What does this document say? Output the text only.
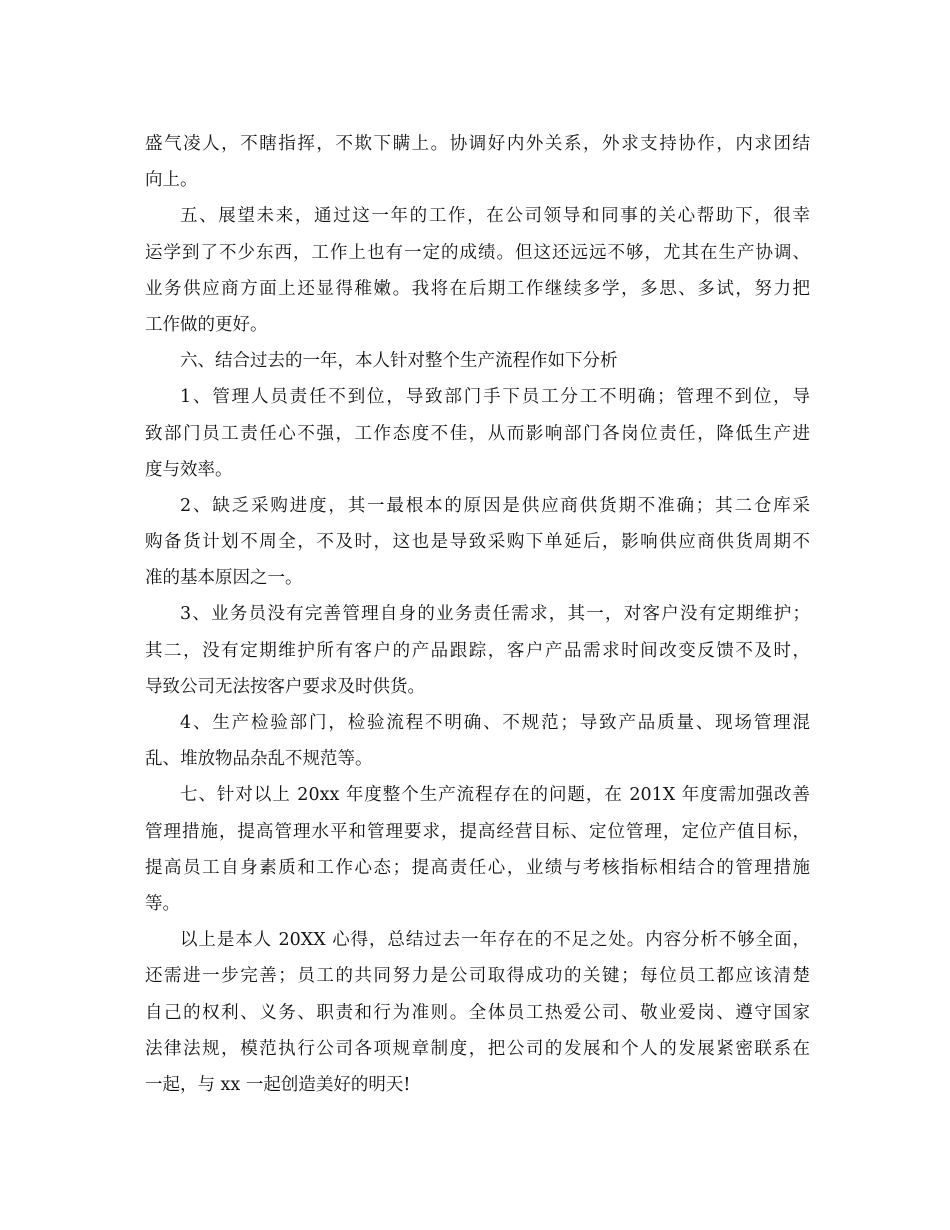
盛气凌人，不瞎指挥，不欺下瞒上。协调好内外关系，外求支持协作，内求团结
向上。

五、展望未来，通过这一年的工作，在公司领导和同事的关心帮助下，很幸
运学到了不少东西，工作上也有一定的成绩。但这还远远不够，尤其在生产协调、
业务供应商方面上还显得稚嫩。我将在后期工作继续多学，多思、多试，努力把
工作做的更好。

六、结合过去的一年，本人针对整个生产流程作如下分析

1、管理人员责任不到位，导致部门手下员工分工不明确；管理不到位，导
致部门员工责任心不强，工作态度不佳，从而影响部门各岗位责任，降低生产进
度与效率。

2、缺乏采购进度，其一最根本的原因是供应商供货期不准确；其二仓库采
购备货计划不周全，不及时，这也是导致采购下单延后，影响供应商供货周期不
准的基本原因之一。

3、业务员没有完善管理自身的业务责任需求，其一，对客户没有定期维护；
其二，没有定期维护所有客户的产品跟踪，客户产品需求时间改变反馈不及时，
导致公司无法按客户要求及时供货。

4、生产检验部门，检验流程不明确、不规范；导致产品质量、现场管理混
乱、堆放物品杂乱不规范等。

七、针对以上 20xx 年度整个生产流程存在的问题，在 201X 年度需加强改善
管理措施，提高管理水平和管理要求，提高经营目标、定位管理，定位产值目标，
提高员工自身素质和工作心态；提高责任心，业绩与考核指标相结合的管理措施
等。

以上是本人 20XX 心得，总结过去一年存在的不足之处。内容分析不够全面，
还需进一步完善；员工的共同努力是公司取得成功的关键；每位员工都应该清楚
自己的权利、义务、职责和行为准则。全体员工热爱公司、敬业爱岗、遵守国家
法律法规，模范执行公司各项规章制度，把公司的发展和个人的发展紧密联系在
一起，与 xx 一起创造美好的明天!
